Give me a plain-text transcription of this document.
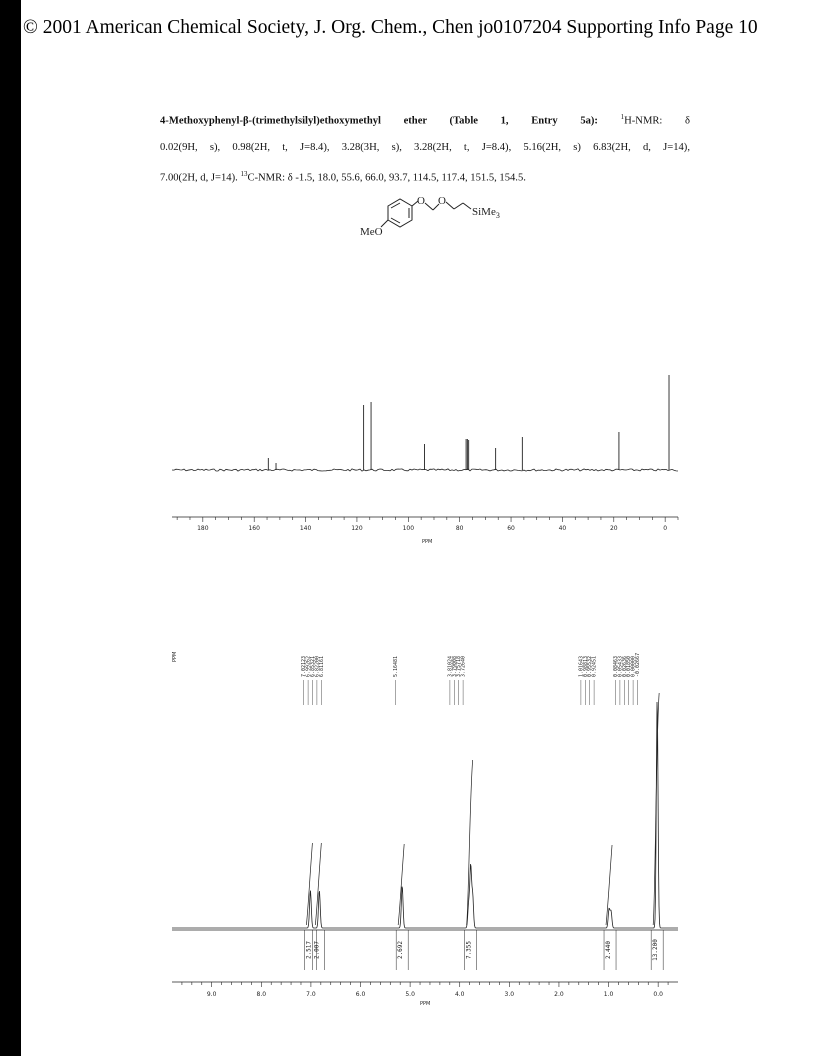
© 2001 American Chemical Society, J. Org. Chem., Chen jo0107204 Supporting Info Page 10
4-Methoxyphenyl-β-(trimethylsilyl)ethoxymethyl ether (Table 1, Entry 5a):	$^1$H-NMR: δ
0.02(9H, s), 0.98(2H, t, J=8.4), 3.28(3H, s), 3.28(2H, t, J=8.4), 5.16(2H, s) 6.83(2H, d, J=14),
7.00(2H, d, J=14). $^{13}$C-NMR: δ -1.5, 18.0, 55.6, 66.0, 93.7, 114.5, 117.4, 151.5, 154.5.
O O
SiMe$_3$
MeO
180	160	140	120	100	80	60	40	20	0
PPM
PPM	7.02123
6.99262
6.85321
6.82200
6.81161	5.16481	3.81024
3.79008
3.75718
3.72640	1.01643
0.98813
0.95532
0.92451	0.08463
0.05433
0.02636
0.01850
0.00000
-0.02667
2.517 2.007	2.692	7.355	2.440	13.200
9.0	8.0	7.0	6.0	5.0	4.0	3.0	2.0	1.0	0.0
PPM
